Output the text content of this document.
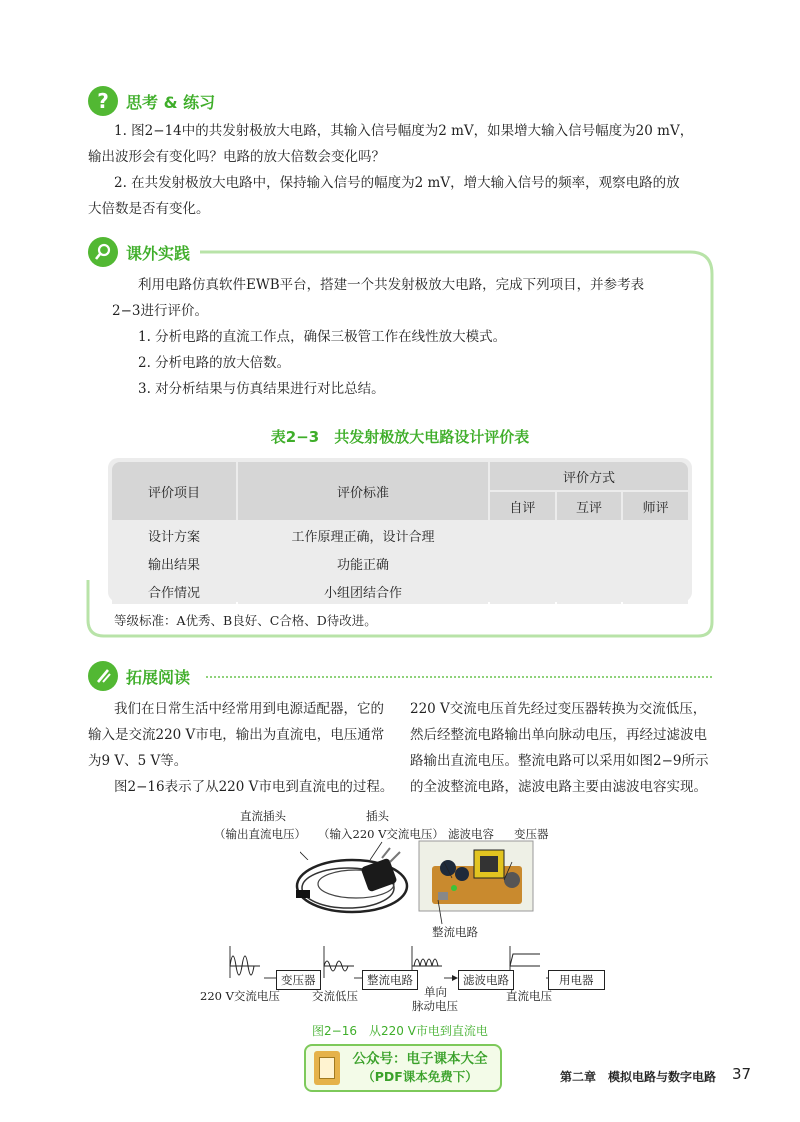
?	思考 & 练习
1. 图2−14中的共发射极放大电路，其输入信号幅度为2 mV，如果增大输入信号幅度为20 mV，
输出波形会有变化吗？电路的放大倍数会变化吗？
2. 在共发射极放大电路中，保持输入信号的幅度为2 mV，增大输入信号的频率，观察电路的放
大倍数是否有变化。
课外实践
利用电路仿真软件EWB平台，搭建一个共发射极放大电路，完成下列项目，并参考表
2−3进行评价。
1. 分析电路的直流工作点，确保三极管工作在线性放大模式。
2. 分析电路的放大倍数。
3. 对分析结果与仿真结果进行对比总结。
表2−3　共发射极放大电路设计评价表
评价项目	评价标准	评价方式		
		自评	互评	师评
设计方案	工作原理正确，设计合理			
输出结果	功能正确			
合作情况	小组团结合作			
等级标准：A优秀、B良好、C合格、D待改进。
拓展阅读
我们在日常生活中经常用到电源适配器，它的
输入是交流220 V市电，输出为直流电，电压通常
为9 V、5 V等。
图2−16表示了从220 V市电到直流电的过程。
220 V交流电压首先经过变压器转换为交流低压，
然后经整流电路输出单向脉动电压，再经过滤波电
路输出直流电压。整流电路可以采用如图2−9所示
的全波整流电路，滤波电路主要由滤波电容实现。
直流插头
（输出直流电压）
插头
（输入220 V交流电压） 滤波电容 变压器
整流电路
变压器	整流电路	滤波电路	用电器
220 V交流电压	交流低压	单向
脉动电压
直流电压
图2−16　从220 V市电到直流电
公众号：电子课本大全
（PDF课本免费下）	第二章　模拟电路与数字电路 37
